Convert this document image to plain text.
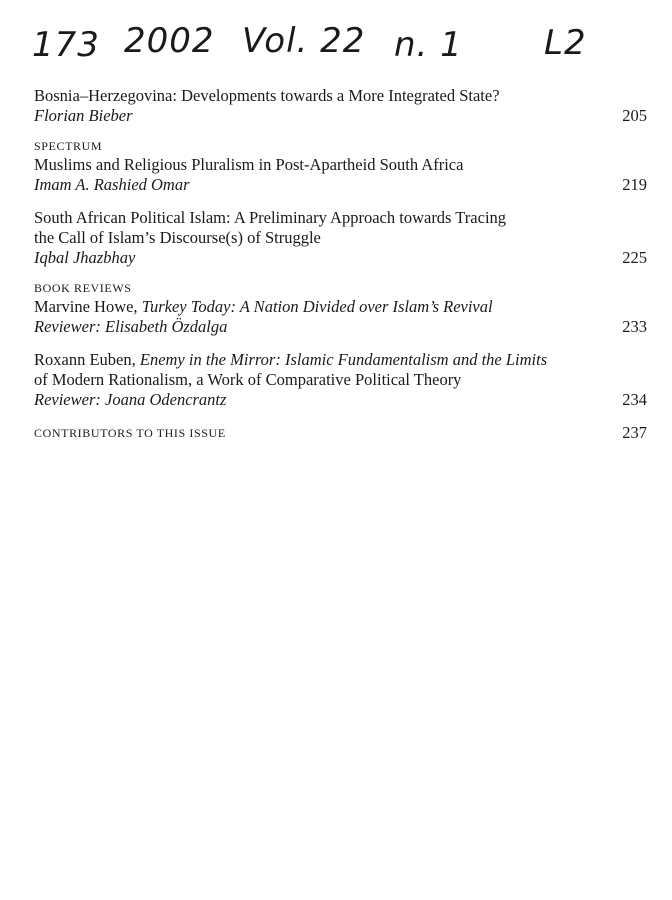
173 2002 Vol. 22 n. 1 L2
Bosnia–Herzegovina: Developments towards a More Integrated State?
Florian Bieber	205
SPECTRUM
Muslims and Religious Pluralism in Post-Apartheid South Africa
Imam A. Rashied Omar	219
South African Political Islam: A Preliminary Approach towards Tracing
the Call of Islam’s Discourse(s) of Struggle
Iqbal Jhazbhay	225
BOOK REVIEWS
Marvine Howe, Turkey Today: A Nation Divided over Islam’s Revival
Reviewer: Elisabeth Özdalga	233
Roxann Euben, Enemy in the Mirror: Islamic Fundamentalism and the Limits
of Modern Rationalism, a Work of Comparative Political Theory
Reviewer: Joana Odencrantz	234
CONTRIBUTORS TO THIS ISSUE	237
